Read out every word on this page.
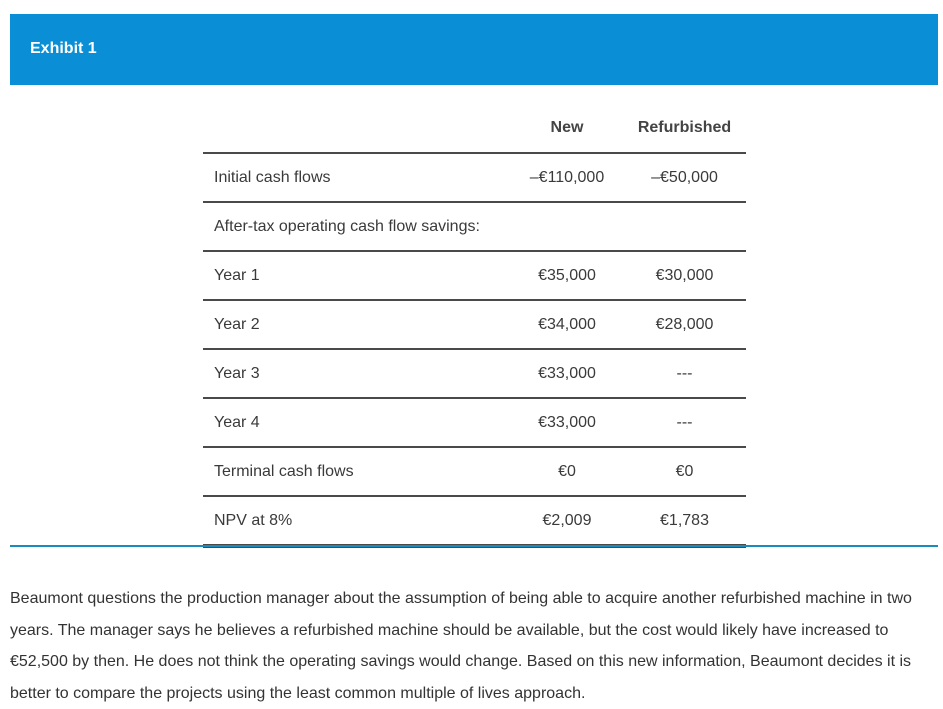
Exhibit 1
	New	Refurbished
Initial cash flows	–€110,000	–€50,000
After-tax operating cash flow savings:		
Year 1	€35,000	€30,000
Year 2	€34,000	€28,000
Year 3	€33,000	---
Year 4	€33,000	---
Terminal cash flows	€0	€0
NPV at 8%	€2,009	€1,783

Beaumont questions the production manager about the assumption of being able to acquire another refurbished machine in two years. The manager says he believes a refurbished machine should be available, but the cost would likely have increased to €52,500 by then. He does not think the operating savings would change. Based on this new information, Beaumont decides it is better to compare the projects using the least common multiple of lives approach.
